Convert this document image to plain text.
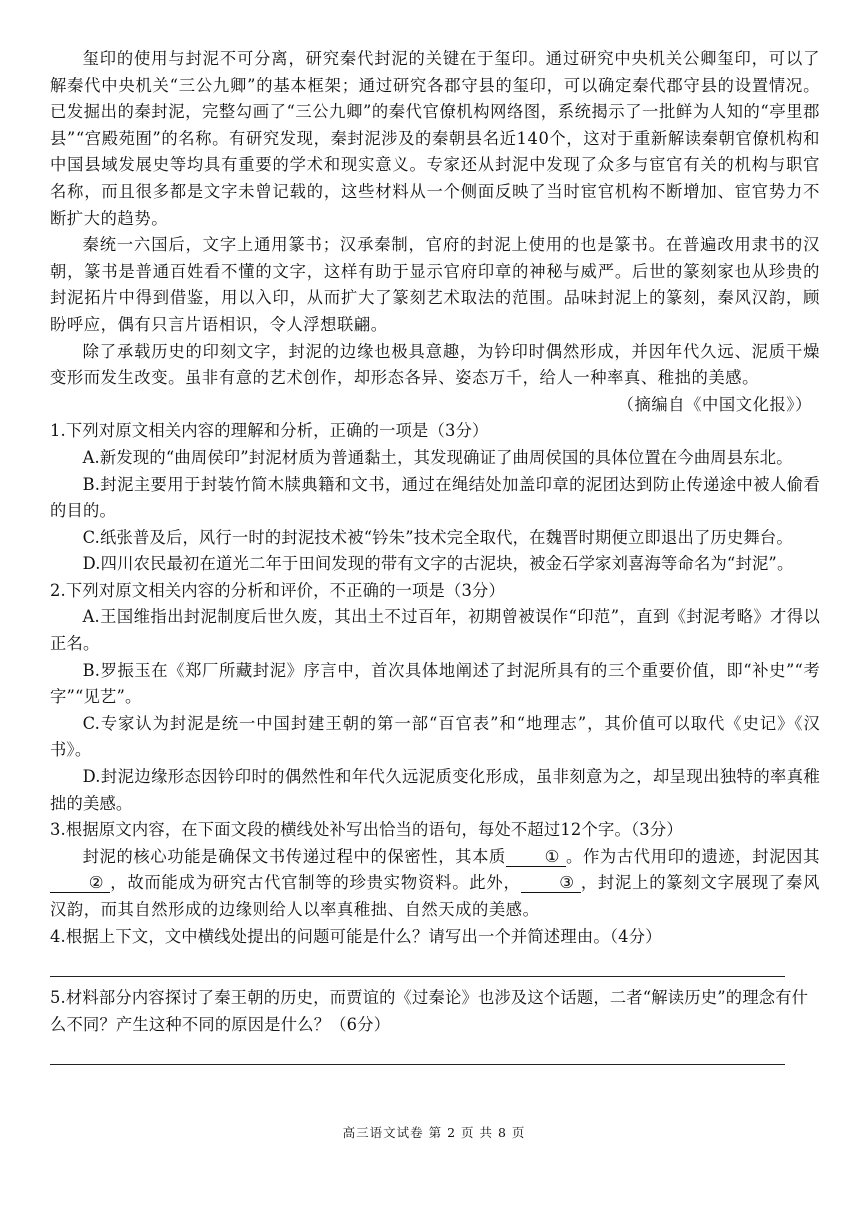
玺印的使用与封泥不可分离，研究秦代封泥的关键在于玺印。通过研究中央机关公卿玺印，可以了解秦代中央机关“三公九卿”的基本框架；通过研究各郡守县的玺印，可以确定秦代郡守县的设置情况。已发掘出的秦封泥，完整勾画了“三公九卿”的秦代官僚机构网络图，系统揭示了一批鲜为人知的“亭里郡县”“宫殿苑囿”的名称。有研究发现，秦封泥涉及的秦朝县名近140个，这对于重新解读秦朝官僚机构和中国县域发展史等均具有重要的学术和现实意义。专家还从封泥中发现了众多与宦官有关的机构与职官名称，而且很多都是文字未曾记载的，这些材料从一个侧面反映了当时宦官机构不断增加、宦官势力不断扩大的趋势。

秦统一六国后，文字上通用篆书；汉承秦制，官府的封泥上使用的也是篆书。在普遍改用隶书的汉朝，篆书是普通百姓看不懂的文字，这样有助于显示官府印章的神秘与威严。后世的篆刻家也从珍贵的封泥拓片中得到借鉴，用以入印，从而扩大了篆刻艺术取法的范围。品味封泥上的篆刻，秦风汉韵，顾盼呼应，偶有只言片语相识，令人浮想联翩。

除了承载历史的印刻文字，封泥的边缘也极具意趣，为钤印时偶然形成，并因年代久远、泥质干燥变形而发生改变。虽非有意的艺术创作，却形态各异、姿态万千，给人一种率真、稚拙的美感。

（摘编自《中国文化报》）

1.下列对原文相关内容的理解和分析，正确的一项是（3分）

A.新发现的“曲周侯印”封泥材质为普通黏土，其发现确证了曲周侯国的具体位置在今曲周县东北。

B.封泥主要用于封装竹简木牍典籍和文书，通过在绳结处加盖印章的泥团达到防止传递途中被人偷看的目的。

C.纸张普及后，风行一时的封泥技术被“钤朱”技术完全取代，在魏晋时期便立即退出了历史舞台。

D.四川农民最初在道光二年于田间发现的带有文字的古泥块，被金石学家刘喜海等命名为“封泥”。

2.下列对原文相关内容的分析和评价，不正确的一项是（3分）

A.王国维指出封泥制度后世久废，其出土不过百年，初期曾被误作“印范”，直到《封泥考略》才得以正名。

B.罗振玉在《郑厂所藏封泥》序言中，首次具体地阐述了封泥所具有的三个重要价值，即“补史”“考字”“见艺”。

C.专家认为封泥是统一中国封建王朝的第一部“百官表”和“地理志”，其价值可以取代《史记》《汉书》。

D.封泥边缘形态因钤印时的偶然性和年代久远泥质变化形成，虽非刻意为之，却呈现出独特的率真稚拙的美感。

3.根据原文内容，在下面文段的横线处补写出恰当的语句，每处不超过12个字。（3分）

封泥的核心功能是确保文书传递过程中的保密性，其本质 ① 。作为古代用印的遗迹，封泥因其② ，故而能成为研究古代官制等的珍贵实物资料。此外， ③ ，封泥上的篆刻文字展现了秦风汉韵，而其自然形成的边缘则给人以率真稚拙、自然天成的美感。

4.根据上下文，文中横线处提出的问题可能是什么？请写出一个并简述理由。（4分）

5.材料部分内容探讨了秦王朝的历史，而贾谊的《过秦论》也涉及这个话题，二者“解读历史”的理念有什么不同？产生这种不同的原因是什么？（6分）

高三语文试卷 第 2 页 共 8 页
